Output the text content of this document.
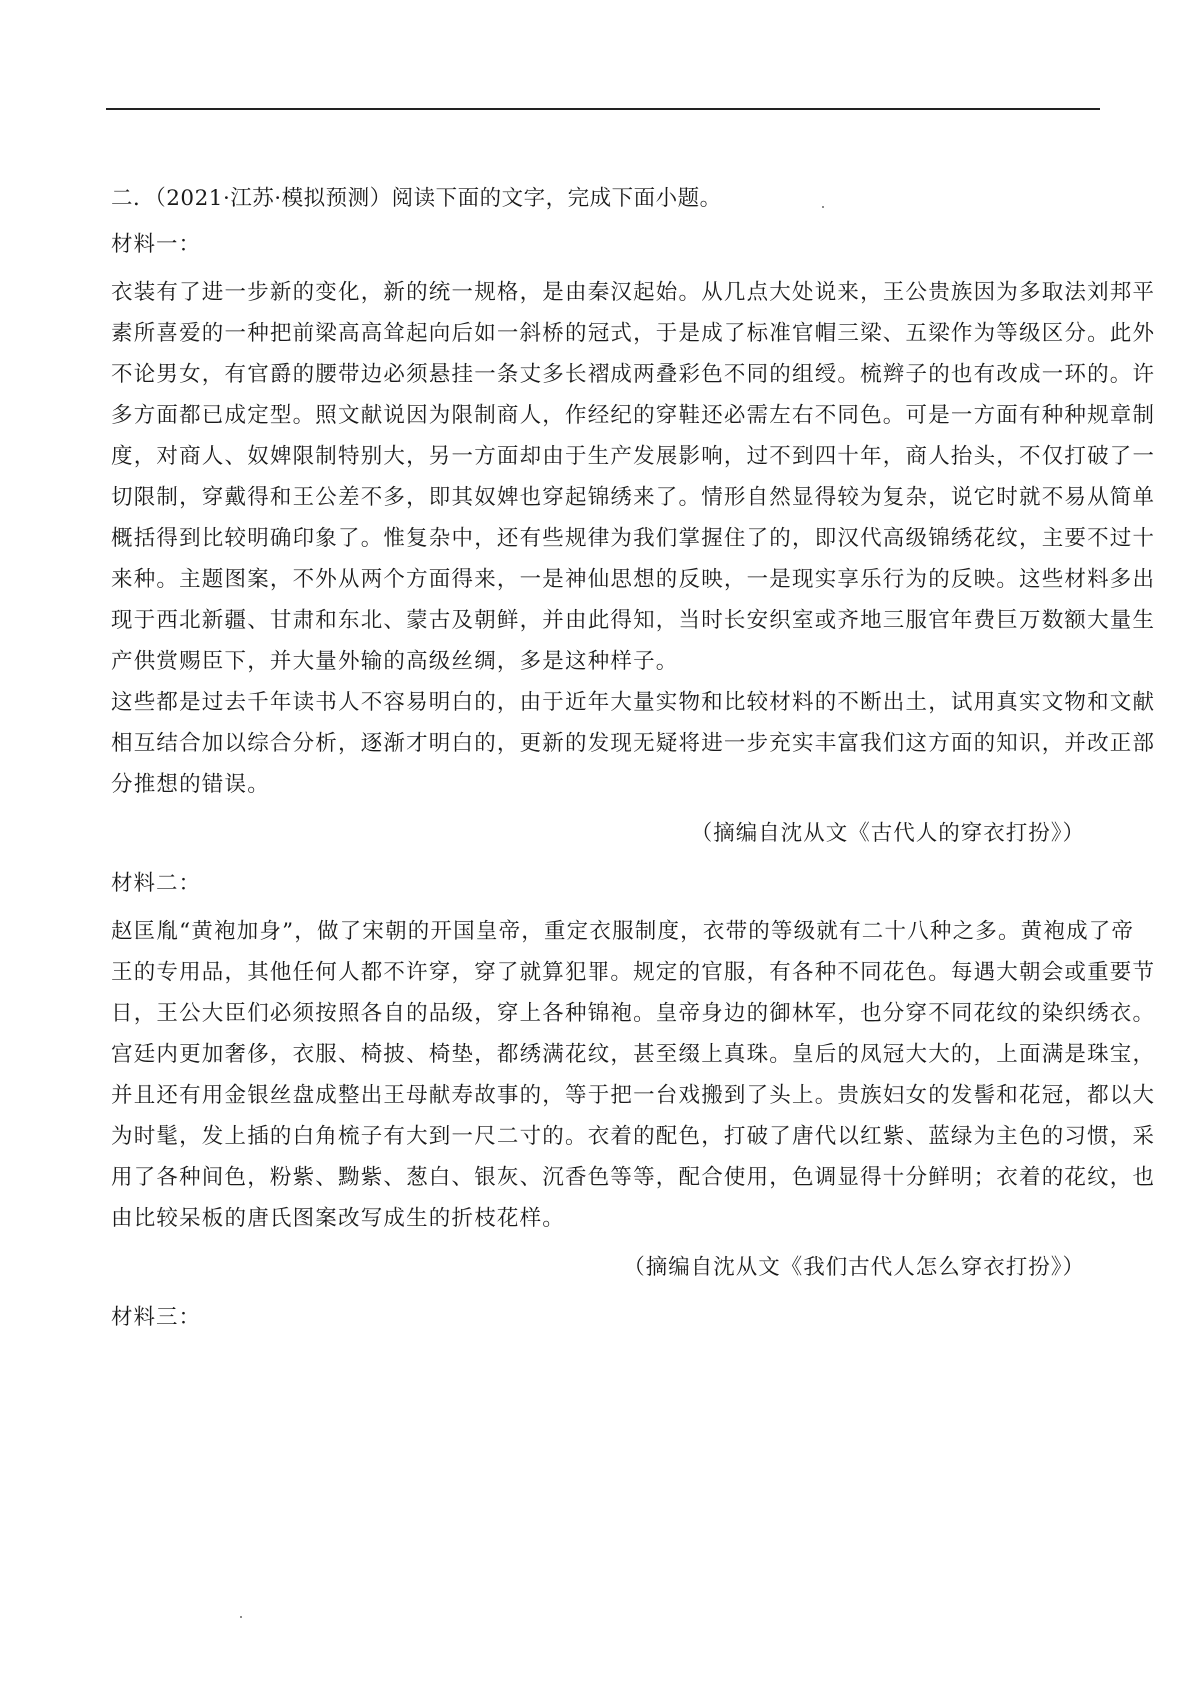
二．（2021·江苏·模拟预测）阅读下面的文字，完成下面小题。
材料一：
衣装有了进一步新的变化，新的统一规格，是由秦汉起始。从几点大处说来，王公贵族因为多取法刘邦平
素所喜爱的一种把前梁高高耸起向后如一斜桥的冠式，于是成了标准官帽三梁、五梁作为等级区分。此外
不论男女，有官爵的腰带边必须悬挂一条丈多长褶成两叠彩色不同的组绶。梳辫子的也有改成一环的。许
多方面都已成定型。照文献说因为限制商人，作经纪的穿鞋还必需左右不同色。可是一方面有种种规章制
度，对商人、奴婢限制特别大，另一方面却由于生产发展影响，过不到四十年，商人抬头，不仅打破了一
切限制，穿戴得和王公差不多，即其奴婢也穿起锦绣来了。情形自然显得较为复杂，说它时就不易从简单
概括得到比较明确印象了。惟复杂中，还有些规律为我们掌握住了的，即汉代高级锦绣花纹，主要不过十
来种。主题图案，不外从两个方面得来，一是神仙思想的反映，一是现实享乐行为的反映。这些材料多出
现于西北新疆、甘肃和东北、蒙古及朝鲜，并由此得知，当时长安织室或齐地三服官年费巨万数额大量生
产供赏赐臣下，并大量外输的高级丝绸，多是这种样子。
这些都是过去千年读书人不容易明白的，由于近年大量实物和比较材料的不断出土，试用真实文物和文献
相互结合加以综合分析，逐渐才明白的，更新的发现无疑将进一步充实丰富我们这方面的知识，并改正部
分推想的错误。
（摘编自沈从文《古代人的穿衣打扮》）
材料二：
赵匡胤“黄袍加身”，做了宋朝的开国皇帝，重定衣服制度，衣带的等级就有二十八种之多。黄袍成了帝
王的专用品，其他任何人都不许穿，穿了就算犯罪。规定的官服，有各种不同花色。每遇大朝会或重要节
日，王公大臣们必须按照各自的品级，穿上各种锦袍。皇帝身边的御林军，也分穿不同花纹的染织绣衣。
宫廷内更加奢侈，衣服、椅披、椅垫，都绣满花纹，甚至缀上真珠。皇后的凤冠大大的，上面满是珠宝，
并且还有用金银丝盘成整出王母献寿故事的，等于把一台戏搬到了头上。贵族妇女的发髻和花冠，都以大
为时髦，发上插的白角梳子有大到一尺二寸的。衣着的配色，打破了唐代以红紫、蓝绿为主色的习惯，采
用了各种间色，粉紫、黝紫、葱白、银灰、沉香色等等，配合使用，色调显得十分鲜明；衣着的花纹，也
由比较呆板的唐氏图案改写成生的折枝花样。
（摘编自沈从文《我们古代人怎么穿衣打扮》）
材料三：
